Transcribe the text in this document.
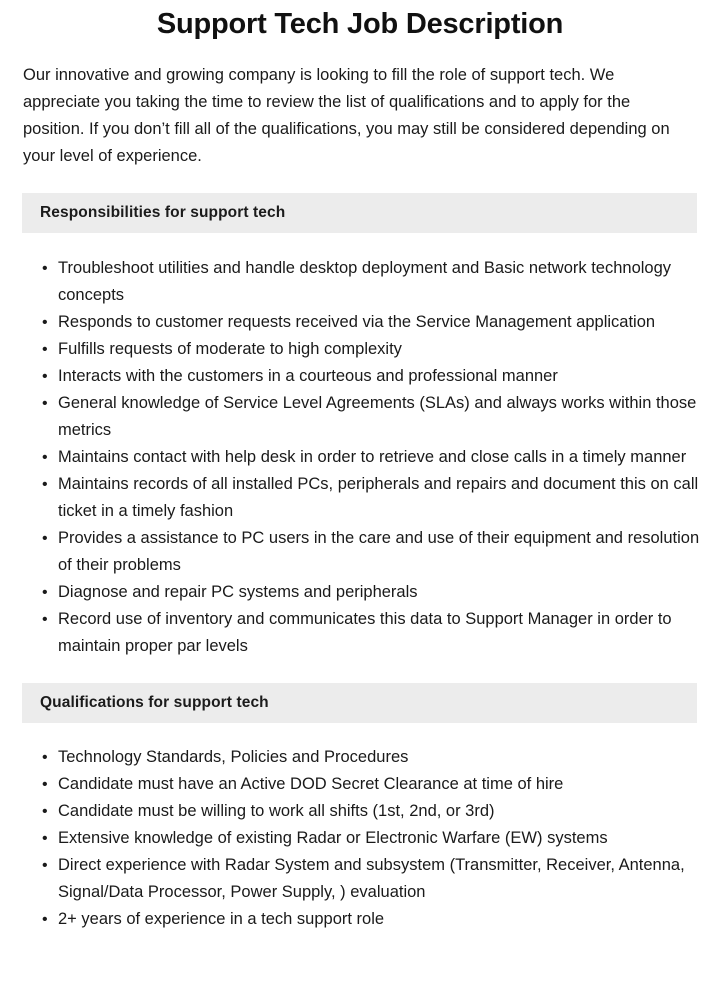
Support Tech Job Description

Our innovative and growing company is looking to fill the role of support tech. We appreciate you taking the time to review the list of qualifications and to apply for the position. If you don’t fill all of the qualifications, you may still be considered depending on your level of experience.

Responsibilities for support tech
• Troubleshoot utilities and handle desktop deployment and Basic network technology concepts
• Responds to customer requests received via the Service Management application
• Fulfills requests of moderate to high complexity
• Interacts with the customers in a courteous and professional manner
• General knowledge of Service Level Agreements (SLAs) and always works within those metrics
• Maintains contact with help desk in order to retrieve and close calls in a timely manner
• Maintains records of all installed PCs, peripherals and repairs and document this on call ticket in a timely fashion
• Provides a assistance to PC users in the care and use of their equipment and resolution of their problems
• Diagnose and repair PC systems and peripherals
• Record use of inventory and communicates this data to Support Manager in order to maintain proper par levels
Qualifications for support tech
• Technology Standards, Policies and Procedures
• Candidate must have an Active DOD Secret Clearance at time of hire
• Candidate must be willing to work all shifts (1st, 2nd, or 3rd)
• Extensive knowledge of existing Radar or Electronic Warfare (EW) systems
• Direct experience with Radar System and subsystem (Transmitter, Receiver, Antenna, Signal/Data Processor, Power Supply, ) evaluation
• 2+ years of experience in a tech support role
